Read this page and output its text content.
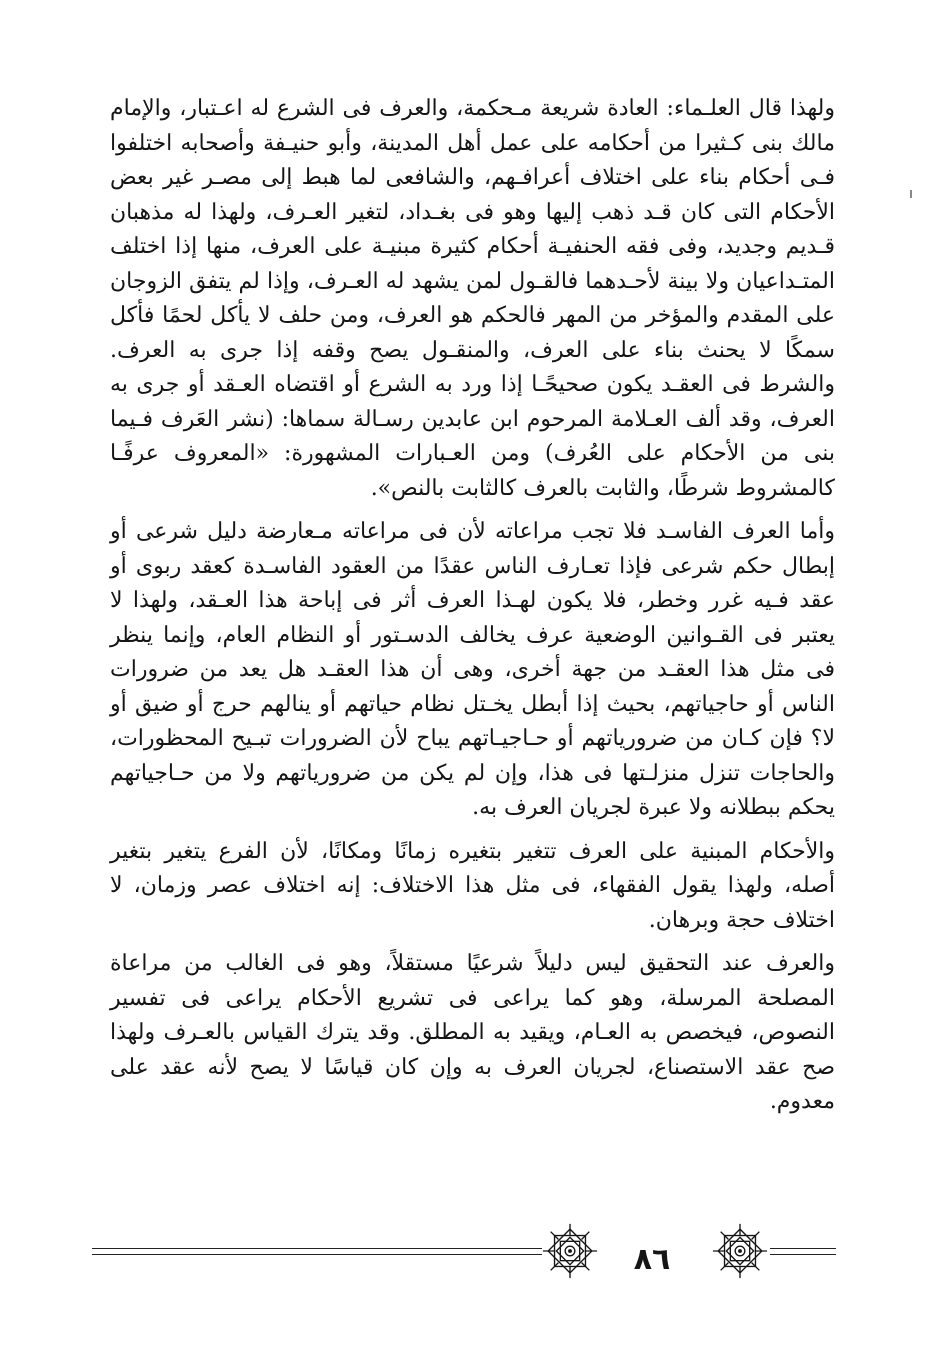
ولهذا قال العلـماء: العادة شريعة مـحكمة، والعرف فى الشرع له اعـتبار، والإمام مالك بنى كـثيرا من أحكامه على عمل أهل المدينة، وأبو حنيـفة وأصحابه اختلفوا فـى أحكام بناء على اختلاف أعرافـهم، والشافعى لما هبط إلى مصـر غير بعض الأحكام التى كان قـد ذهب إليها وهو فى بغـداد، لتغير العـرف، ولهذا له مذهبان قـديم وجديد، وفى فقه الحنفيـة أحكام كثيرة مبنيـة على العرف، منها إذا اختلف المتـداعيان ولا بينة لأحـدهما فالقـول لمن يشهد له العـرف، وإذا لم يتفق الزوجان على المقدم والمؤخر من المهر فالحكم هو العرف، ومن حلف لا يأكل لحمًا فأكل سمكًا لا يحنث بناء على العرف، والمنقـول يصح وقفه إذا جرى به العرف. والشرط فى العقـد يكون صحيحًـا إذا ورد به الشرع أو اقتضاه العـقد أو جرى به العرف، وقد ألف العـلامة المرحوم ابن عابدين رسـالة سماها: (نشر العَرف فـيما بنى من الأحكام على العُرف) ومن العـبارات المشهورة: «المعروف عرفًـا كالمشروط شرطًا، والثابت بالعرف كالثابت بالنص».

وأما العرف الفاسـد فلا تجب مراعاته لأن فى مراعاته مـعارضة دليل شرعى أو إبطال حكم شرعى فإذا تعـارف الناس عقدًا من العقود الفاسـدة كعقد ربوى أو عقد فـيه غرر وخطر، فلا يكون لهـذا العرف أثر فى إباحة هذا العـقد، ولهذا لا يعتبر فى القـوانين الوضعية عرف يخالف الدسـتور أو النظام العام، وإنما ينظر فى مثل هذا العقـد من جهة أخرى، وهى أن هذا العقـد هل يعد من ضرورات الناس أو حاجياتهم، بحيث إذا أبطل يخـتل نظام حياتهم أو ينالهم حرج أو ضيق أو لا؟ فإن كـان من ضرورياتهم أو حـاجيـاتهم يباح لأن الضرورات تبـيح المحظورات، والحاجات تنزل منزلـتها فى هذا، وإن لم يكن من ضرورياتهم ولا من حـاجياتهم يحكم ببطلانه ولا عبرة لجريان العرف به.

والأحكام المبنية على العرف تتغير بتغيره زمانًا ومكانًا، لأن الفرع يتغير بتغير أصله، ولهذا يقول الفقهاء، فى مثل هذا الاختلاف: إنه اختلاف عصر وزمان، لا اختلاف حجة وبرهان.

والعرف عند التحقيق ليس دليلاً شرعيًا مستقلاً، وهو فى الغالب من مراعاة المصلحة المرسلة، وهو كما يراعى فى تشريع الأحكام يراعى فى تفسير النصوص، فيخصص به العـام، ويقيد به المطلق. وقد يترك القياس بالعـرف ولهذا صح عقد الاستصناع، لجريان العرف به وإن كان قياسًا لا يصح لأنه عقد على معدوم.

٨٦
